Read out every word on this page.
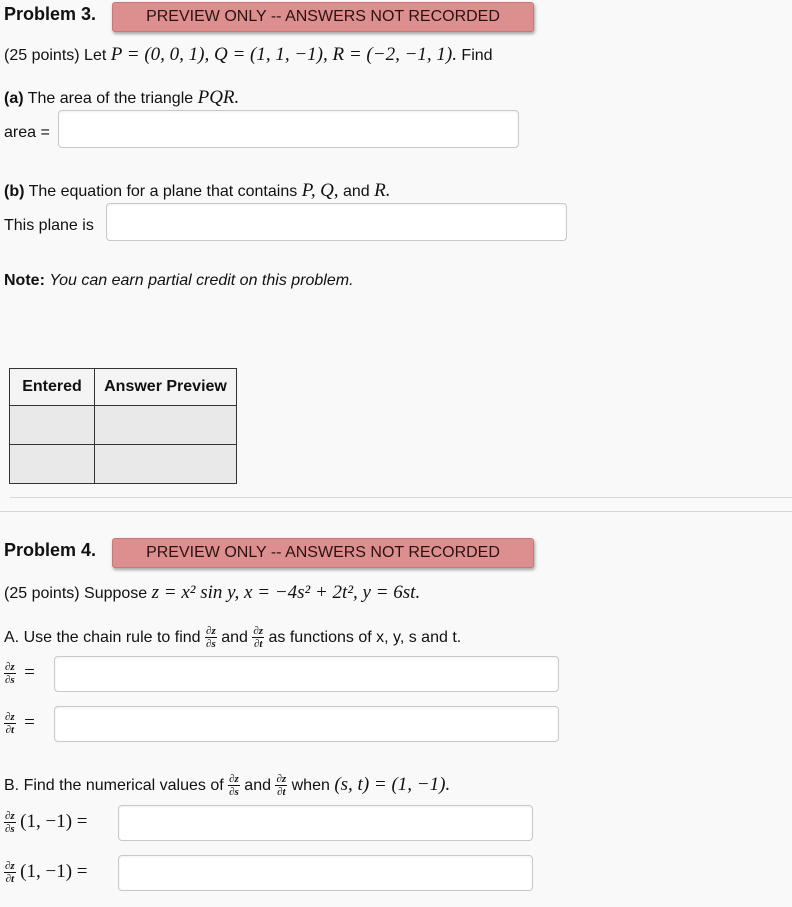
Problem 3.	PREVIEW ONLY -- ANSWERS NOT RECORDED
(25 points) Let P = (0, 0, 1), Q = (1, 1, −1), R = (−2, −1, 1). Find
(a) The area of the triangle PQR.
area =
(b) The equation for a plane that contains P, Q, and R.
This plane is
Note: You can earn partial credit on this problem.
Entered	Answer Preview

Problem 4.	PREVIEW ONLY -- ANSWERS NOT RECORDED
(25 points) Suppose z = x² sin y, x = −4s² + 2t², y = 6st.
A. Use the chain rule to find $\frac{\partial z}{\partial s}$ and $\frac{\partial z}{\partial t}$ as functions of x, y, s and t.
$\frac{\partial z}{\partial s}$ =
$\frac{\partial z}{\partial t}$ =
B. Find the numerical values of $\frac{\partial z}{\partial s}$ and $\frac{\partial z}{\partial t}$ when (s, t) = (1, −1).
$\frac{\partial z}{\partial s} (1$, −1) =
$\frac{\partial z}{\partial t} (1$, −1) =
